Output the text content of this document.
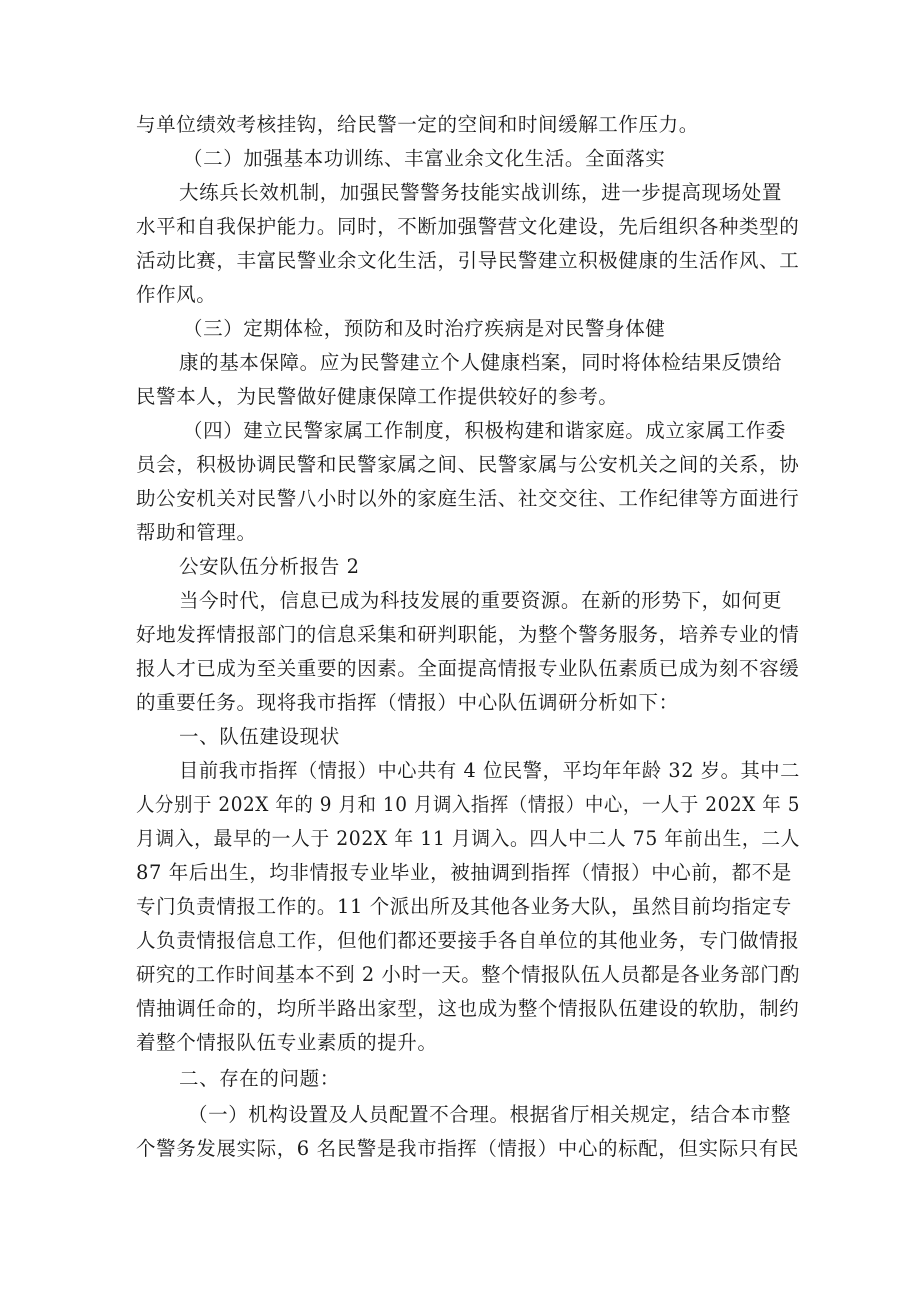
与单位绩效考核挂钩，给民警一定的空间和时间缓解工作压力。
（二）加强基本功训练、丰富业余文化生活。全面落实
大练兵长效机制，加强民警警务技能实战训练，进一步提高现场处置
水平和自我保护能力。同时，不断加强警营文化建设，先后组织各种类型的
活动比赛，丰富民警业余文化生活，引导民警建立积极健康的生活作风、工
作作风。
（三）定期体检，预防和及时治疗疾病是对民警身体健
康的基本保障。应为民警建立个人健康档案，同时将体检结果反馈给
民警本人，为民警做好健康保障工作提供较好的参考。
（四）建立民警家属工作制度，积极构建和谐家庭。成立家属工作委
员会，积极协调民警和民警家属之间、民警家属与公安机关之间的关系，协
助公安机关对民警八小时以外的家庭生活、社交交往、工作纪律等方面进行
帮助和管理。
公安队伍分析报告 2
当今时代，信息已成为科技发展的重要资源。在新的形势下，如何更
好地发挥情报部门的信息采集和研判职能，为整个警务服务，培养专业的情
报人才已成为至关重要的因素。全面提高情报专业队伍素质已成为刻不容缓
的重要任务。现将我市指挥（情报）中心队伍调研分析如下：
一、队伍建设现状
目前我市指挥（情报）中心共有 4 位民警，平均年年龄 32 岁。其中二
人分别于 202X 年的 9 月和 10 月调入指挥（情报）中心，一人于 202X 年 5
月调入，最早的一人于 202X 年 11 月调入。四人中二人 75 年前出生，二人
87 年后出生，均非情报专业毕业，被抽调到指挥（情报）中心前，都不是
专门负责情报工作的。11 个派出所及其他各业务大队，虽然目前均指定专
人负责情报信息工作，但他们都还要接手各自单位的其他业务，专门做情报
研究的工作时间基本不到 2 小时一天。整个情报队伍人员都是各业务部门酌
情抽调任命的，均所半路出家型，这也成为整个情报队伍建设的软肋，制约
着整个情报队伍专业素质的提升。
二、存在的问题：
（一）机构设置及人员配置不合理。根据省厅相关规定，结合本市整
个警务发展实际，6 名民警是我市指挥（情报）中心的标配，但实际只有民
